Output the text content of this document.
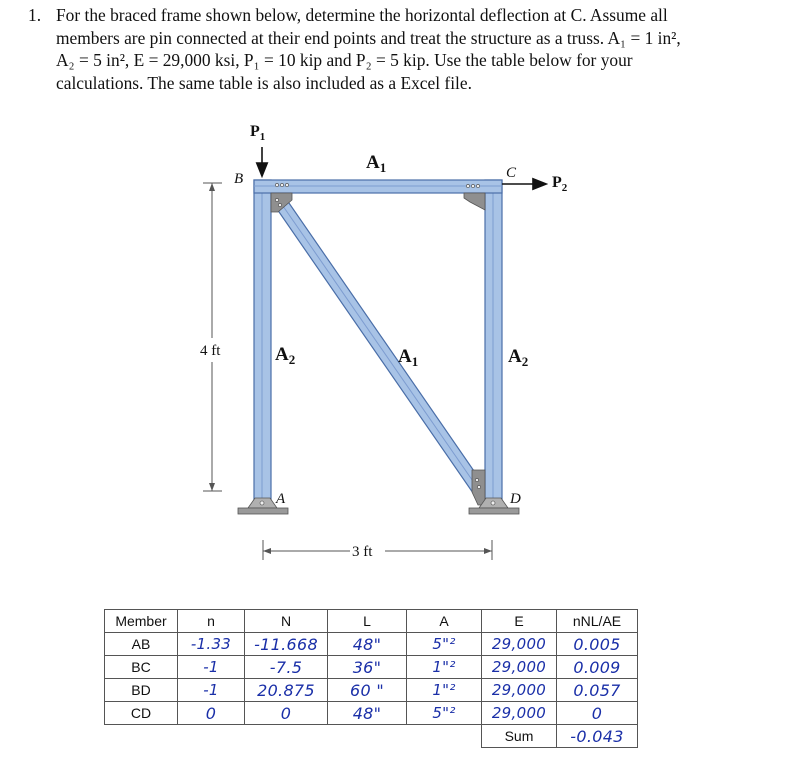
1. For the braced frame shown below, determine the horizontal deflection at C. Assume all
members are pin connected at their end points and treat the structure as a truss. A₁ = 1 in²,
A₂ = 5 in², E = 29,000 ksi, P₁ = 10 kip and P₂ = 5 kip. Use the table below for your
calculations. The same table is also included as a Excel file.
4 ft
3 ft
$P_1$
$P_2$
$A_1$
$A_2$	$A_1$	$A_2$
B	C
A	D
Member	n	N	L	A	E	nNL/AE
AB	-1.33	-11.668	48"	5"²	29,000	0.005
BC	-1	-7.5	36"	1"²	29,000	0.009
BD	-1	20.875	60 "	1"²	29,000	0.057
CD	0	0	48"	5"²	29,000	0
					Sum	-0.043
